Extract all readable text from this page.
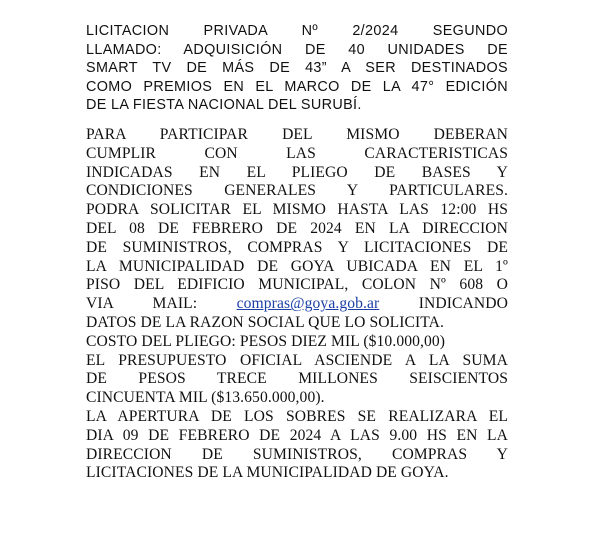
LICITACION PRIVADA Nº 2/2024 SEGUNDO
LLAMADO: ADQUISICIÓN DE 40 UNIDADES DE
SMART TV DE MÁS DE 43” A SER DESTINADOS
COMO PREMIOS EN EL MARCO DE LA 47° EDICIÓN
DE LA FIESTA NACIONAL DEL SURUBÍ.
PARA PARTICIPAR DEL MISMO DEBERAN
CUMPLIR CON LAS CARACTERISTICAS
INDICADAS EN EL PLIEGO DE BASES Y
CONDICIONES GENERALES Y PARTICULARES.
PODRA SOLICITAR EL MISMO HASTA LAS 12:00 HS
DEL 08 DE FEBRERO DE 2024 EN LA DIRECCION
DE SUMINISTROS, COMPRAS Y LICITACIONES DE
LA MUNICIPALIDAD DE GOYA UBICADA EN EL 1º
PISO DEL EDIFICIO MUNICIPAL, COLON Nº 608 O
VIA MAIL:	compras@goya.gob.ar	INDICANDO
DATOS DE LA RAZON SOCIAL QUE LO SOLICITA.
COSTO DEL PLIEGO: PESOS DIEZ MIL ($10.000,00)
EL PRESUPUESTO OFICIAL ASCIENDE A LA SUMA
DE PESOS TRECE MILLONES SEISCIENTOS
CINCUENTA MIL ($13.650.000,00).
LA APERTURA DE LOS SOBRES SE REALIZARA EL
DIA 09 DE FEBRERO DE 2024 A LAS 9.00 HS EN LA
DIRECCION DE SUMINISTROS, COMPRAS Y
LICITACIONES DE LA MUNICIPALIDAD DE GOYA.
